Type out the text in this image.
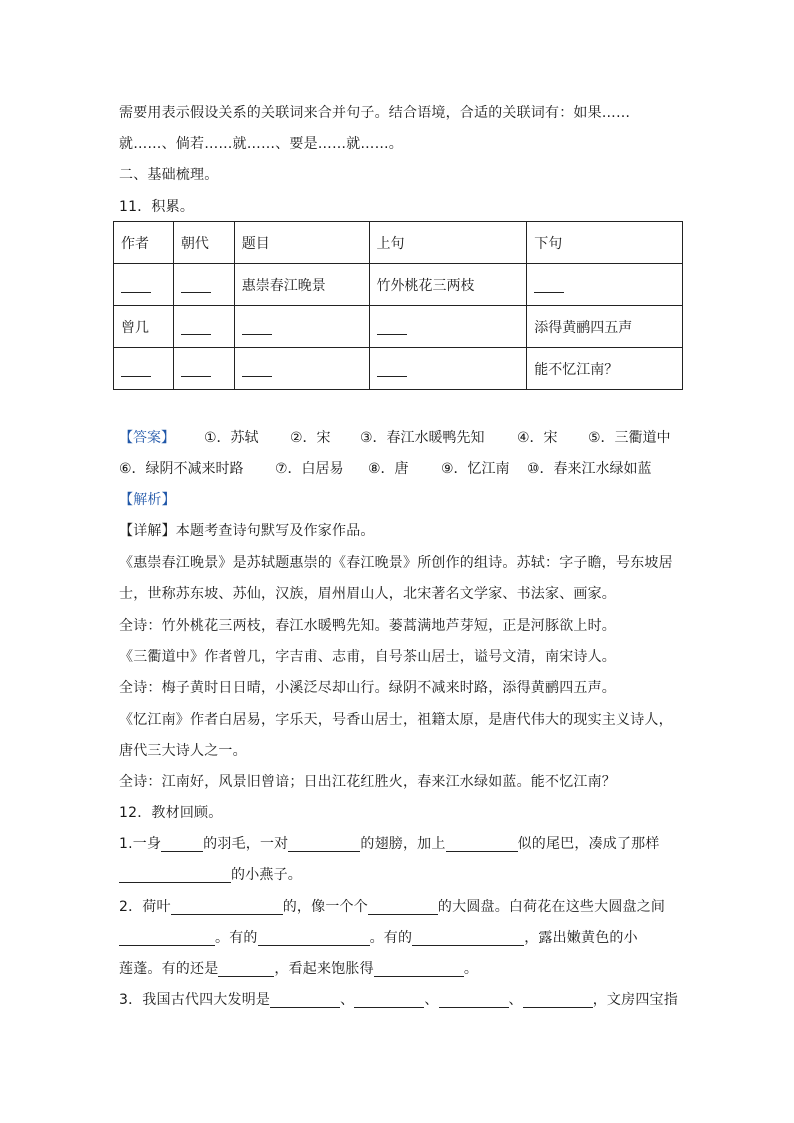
需要用表示假设关系的关联词来合并句子。结合语境，合适的关联词有：如果……
就……、倘若……就……、要是……就……。
二、基础梳理。
11．积累。
作者	朝代	题目	上句	下句
		惠崇春江晚景	竹外桃花三两枝	
曾几				添得黄鹂四五声
				能不忆江南？
【答案】 ①．苏轼 ②．宋 ③．春江水暖鸭先知 ④．宋 ⑤．三衢道中
⑥．绿阴不减来时路 ⑦．白居易 ⑧．唐 ⑨．忆江南 ⑩．春来江水绿如蓝
【解析】
【详解】本题考查诗句默写及作家作品。
《惠崇春江晚景》是苏轼题惠崇的《春江晚景》所创作的组诗。苏轼：字子瞻，号东坡居
士，世称苏东坡、苏仙，汉族，眉州眉山人，北宋著名文学家、书法家、画家。
全诗：竹外桃花三两枝，春江水暖鸭先知。蒌蒿满地芦芽短，正是河豚欲上时。
《三衢道中》作者曾几，字吉甫、志甫，自号茶山居士，谥号文清，南宋诗人。
全诗：梅子黄时日日晴，小溪泛尽却山行。绿阴不减来时路，添得黄鹂四五声。
《忆江南》作者白居易，字乐天，号香山居士，祖籍太原，是唐代伟大的现实主义诗人，
唐代三大诗人之一。
全诗：江南好，风景旧曾谙；日出江花红胜火，春来江水绿如蓝。能不忆江南？
12．教材回顾。
1.一身	的羽毛，一对	的翅膀，加上	似的尾巴，凑成了那样
的小燕子。
2．荷叶	的，像一个个	的大圆盘。白荷花在这些大圆盘之间
。有的	。有的	，露出嫩黄色的小
莲蓬。有的还是	，看起来饱胀得	。
3．我国古代四大发明是	、	、	、	，文房四宝指
